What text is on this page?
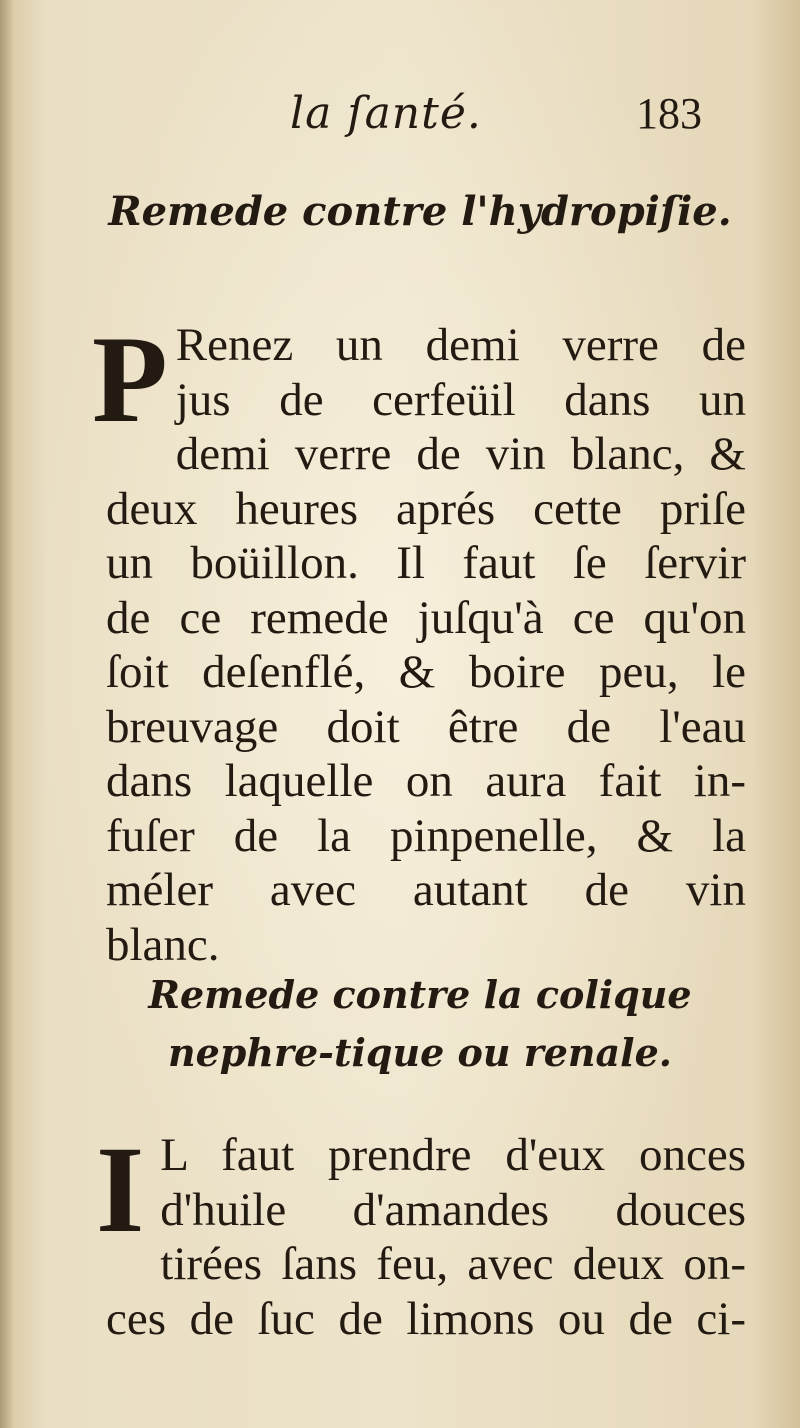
la ſanté.	183
Remede contre l'hydropiſie.
P Renez un demi verre de
jus de cerfeüil dans un
demi verre de vin blanc, &
deux heures aprés cette priſe
un boüillon. Il faut ſe ſervir
de ce remede juſqu'à ce qu'on
ſoit deſenflé, & boire peu, le
breuvage doit être de l'eau
dans laquelle on aura fait in-
fuſer de la pinpenelle, & la
méler avec autant de vin
blanc.
Remede contre la colique nephre-tique ou renale.
I L faut prendre d'eux onces
d'huile d'amandes douces
tirées ſans feu, avec deux on-
ces de ſuc de limons ou de ci-
